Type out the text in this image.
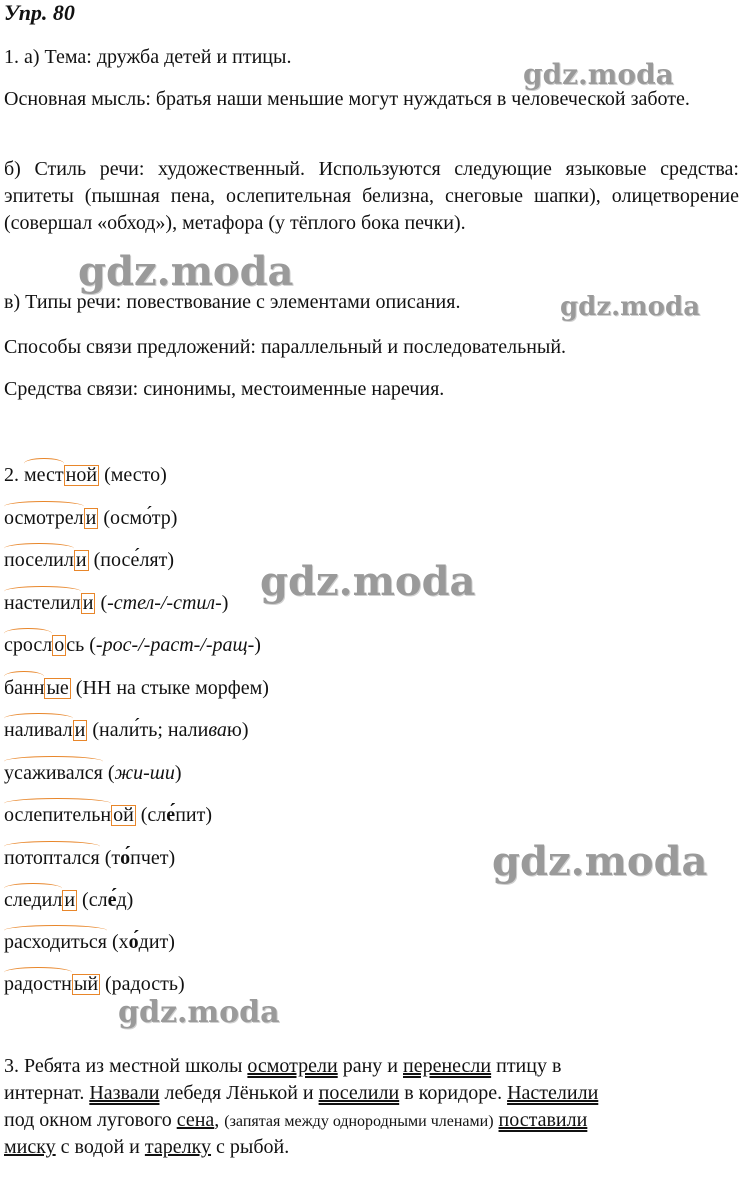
Упр. 80
1. а) Тема: дружба детей и птицы.
Основная мысль: братья наши меньшие могут нуждаться в человеческой заботе.
б) Стиль речи: художественный. Используются следующие языковые средства: эпитеты (пышная пена, ослепительная белизна, снеговые шапки), олицетворение (совершал «обход»), метафора (у тёплого бока печки).
в) Типы речи: повествование с элементами описания.
Способы связи предложений: параллельный и последовательный.
Средства связи: синонимы, местоименные наречия.
2. мест ной (место)
осмотрел и (осмо́тр)
поселил и (посе́лят)
настелил и (-стел-/-стил-)
сросл о сь (-рос-/-раст-/-ращ-)
банн ые (НН на стыке морфем)
наливал и (нали́ть; наливаю)
усаживался (жи-ши)
ослепительн ой (сле́пит)
потоптался (то́пчет)
следил и (сле́д)
расходиться (хо́дит)
радостн ый (радость)
3. Ребята из местной школы осмотрели рану и перенесли птицу в
интернат. Назвали лебедя Лёнькой и поселили в коридоре. Настелили
под окном лугового сена, (запятая между однородными членами) поставили
миску с водой и тарелку с рыбой.
gdz.moda
gdz.moda
gdz.moda
gdz.moda
gdz.moda
gdz.moda
